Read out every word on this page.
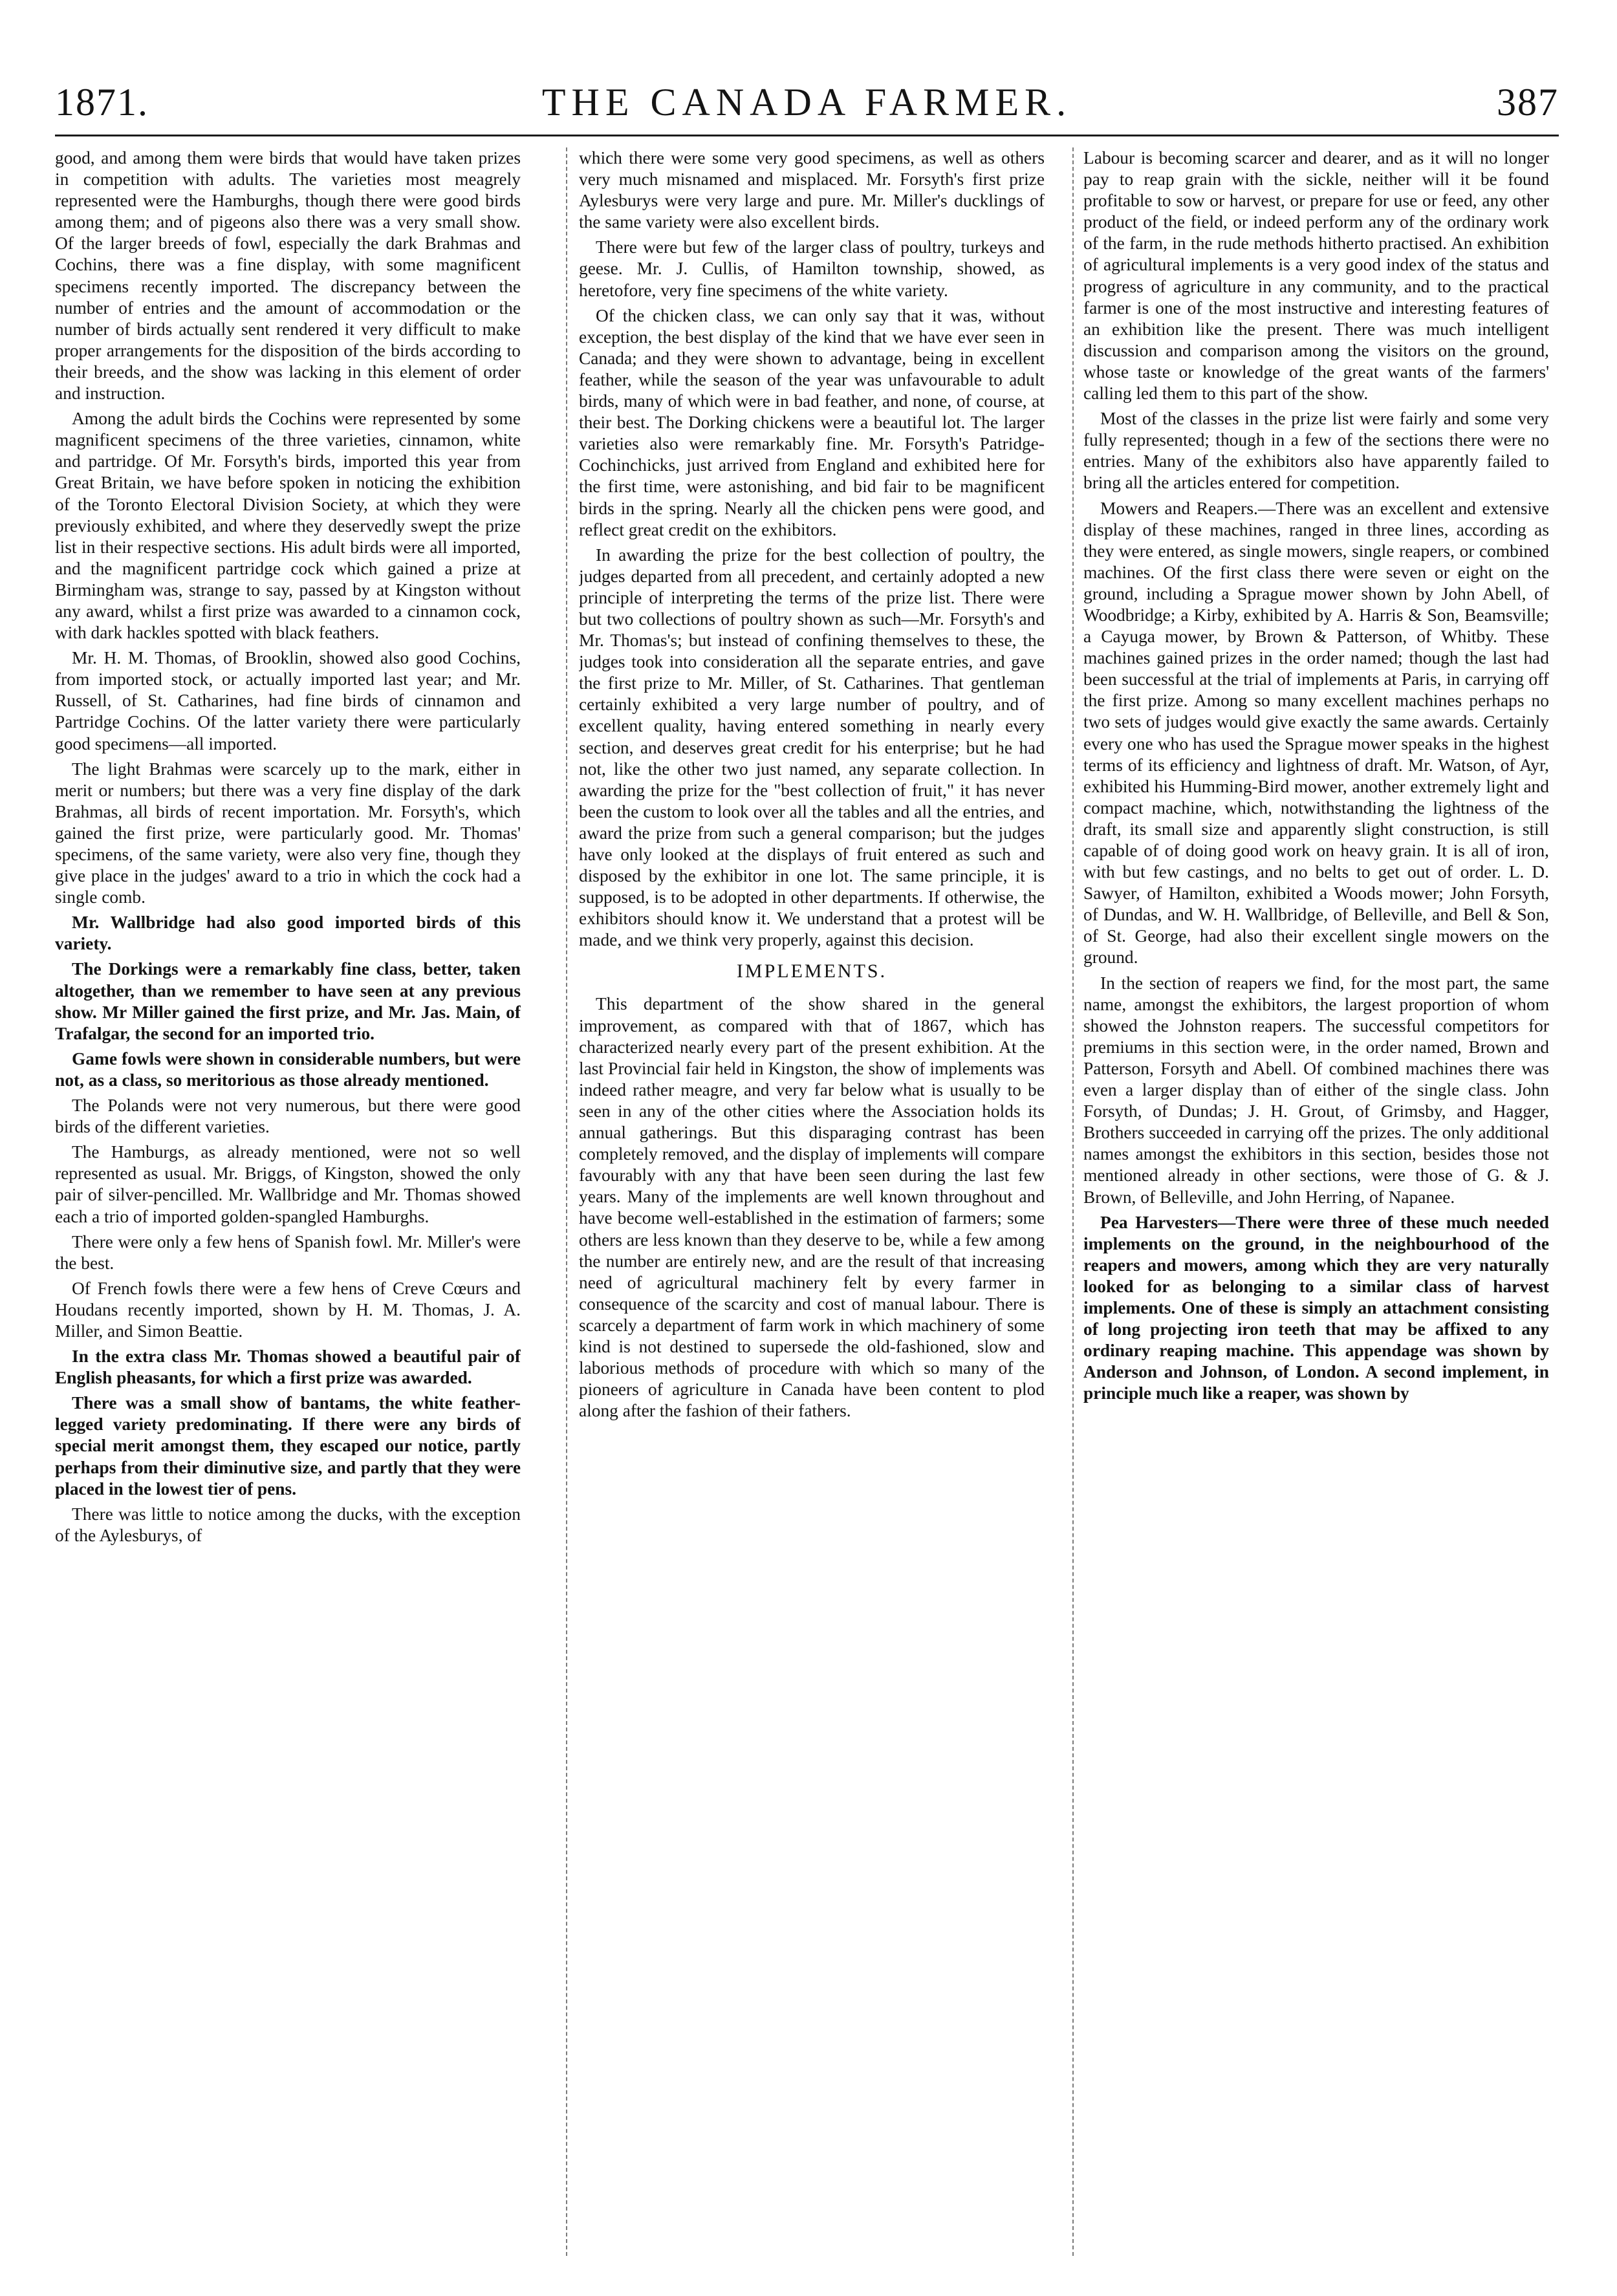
1871.	THE CANADA FARMER.	387

good, and among them were birds that would have taken prizes in competition with adults. The varieties most meagrely represented were the Hamburghs, though there were good birds among them; and of pigeons also there was a very small show. Of the larger breeds of fowl, especially the dark Brahmas and Cochins, there was a fine display, with some magnificent specimens recently imported. The discrepancy between the number of entries and the amount of accommodation or the number of birds actually sent rendered it very difficult to make proper arrangements for the disposition of the birds according to their breeds, and the show was lacking in this element of order and instruction.

Among the adult birds the Cochins were represented by some magnificent specimens of the three varieties, cinnamon, white and partridge. Of Mr. Forsyth's birds, imported this year from Great Britain, we have before spoken in noticing the exhibition of the Toronto Electoral Division Society, at which they were previously exhibited, and where they deservedly swept the prize list in their respective sections. His adult birds were all imported, and the magnificent partridge cock which gained a prize at Birmingham was, strange to say, passed by at Kingston without any award, whilst a first prize was awarded to a cinnamon cock, with dark hackles spotted with black feathers.

Mr. H. M. Thomas, of Brooklin, showed also good Cochins, from imported stock, or actually imported last year; and Mr. Russell, of St. Catharines, had fine birds of cinnamon and Partridge Cochins. Of the latter variety there were particularly good specimens—all imported.

The light Brahmas were scarcely up to the mark, either in merit or numbers; but there was a very fine display of the dark Brahmas, all birds of recent importation. Mr. Forsyth's, which gained the first prize, were particularly good. Mr. Thomas' specimens, of the same variety, were also very fine, though they give place in the judges' award to a trio in which the cock had a single comb.

Mr. Wallbridge had also good imported birds of this variety.

The Dorkings were a remarkably fine class, better, taken altogether, than we remember to have seen at any previous show. Mr Miller gained the first prize, and Mr. Jas. Main, of Trafalgar, the second for an imported trio.

Game fowls were shown in considerable numbers, but were not, as a class, so meritorious as those already mentioned.

The Polands were not very numerous, but there were good birds of the different varieties.

The Hamburgs, as already mentioned, were not so well represented as usual. Mr. Briggs, of Kingston, showed the only pair of silver-pencilled. Mr. Wallbridge and Mr. Thomas showed each a trio of imported golden-spangled Hamburghs.

There were only a few hens of Spanish fowl. Mr. Miller's were the best.

Of French fowls there were a few hens of Creve Cœurs and Houdans recently imported, shown by H. M. Thomas, J. A. Miller, and Simon Beattie.

In the extra class Mr. Thomas showed a beautiful pair of English pheasants, for which a first prize was awarded.

There was a small show of bantams, the white feather-legged variety predominating. If there were any birds of special merit amongst them, they escaped our notice, partly perhaps from their diminutive size, and partly that they were placed in the lowest tier of pens.

There was little to notice among the ducks, with the exception of the Aylesburys, of

which there were some very good specimens, as well as others very much misnamed and misplaced. Mr. Forsyth's first prize Aylesburys were very large and pure. Mr. Miller's ducklings of the same variety were also excellent birds.

There were but few of the larger class of poultry, turkeys and geese. Mr. J. Cullis, of Hamilton township, showed, as heretofore, very fine specimens of the white variety.

Of the chicken class, we can only say that it was, without exception, the best display of the kind that we have ever seen in Canada; and they were shown to advantage, being in excellent feather, while the season of the year was unfavourable to adult birds, many of which were in bad feather, and none, of course, at their best. The Dorking chickens were a beautiful lot. The larger varieties also were remarkably fine. Mr. Forsyth's Patridge-Cochinchicks, just arrived from England and exhibited here for the first time, were astonishing, and bid fair to be magnificent birds in the spring. Nearly all the chicken pens were good, and reflect great credit on the exhibitors.

In awarding the prize for the best collection of poultry, the judges departed from all precedent, and certainly adopted a new principle of interpreting the terms of the prize list. There were but two collections of poultry shown as such—Mr. Forsyth's and Mr. Thomas's; but instead of confining themselves to these, the judges took into consideration all the separate entries, and gave the first prize to Mr. Miller, of St. Catharines. That gentleman certainly exhibited a very large number of poultry, and of excellent quality, having entered something in nearly every section, and deserves great credit for his enterprise; but he had not, like the other two just named, any separate collection. In awarding the prize for the "best collection of fruit," it has never been the custom to look over all the tables and all the entries, and award the prize from such a general comparison; but the judges have only looked at the displays of fruit entered as such and disposed by the exhibitor in one lot. The same principle, it is supposed, is to be adopted in other departments. If otherwise, the exhibitors should know it. We understand that a protest will be made, and we think very properly, against this decision.

IMPLEMENTS.

This department of the show shared in the general improvement, as compared with that of 1867, which has characterized nearly every part of the present exhibition. At the last Provincial fair held in Kingston, the show of implements was indeed rather meagre, and very far below what is usually to be seen in any of the other cities where the Association holds its annual gatherings. But this disparaging contrast has been completely removed, and the display of implements will compare favourably with any that have been seen during the last few years. Many of the implements are well known throughout and have become well-established in the estimation of farmers; some others are less known than they deserve to be, while a few among the number are entirely new, and are the result of that increasing need of agricultural machinery felt by every farmer in consequence of the scarcity and cost of manual labour. There is scarcely a department of farm work in which machinery of some kind is not destined to supersede the old-fashioned, slow and laborious methods of procedure with which so many of the pioneers of agriculture in Canada have been content to plod along after the fashion of their fathers.

Labour is becoming scarcer and dearer, and as it will no longer pay to reap grain with the sickle, neither will it be found profitable to sow or harvest, or prepare for use or feed, any other product of the field, or indeed perform any of the ordinary work of the farm, in the rude methods hitherto practised. An exhibition of agricultural implements is a very good index of the status and progress of agriculture in any community, and to the practical farmer is one of the most instructive and interesting features of an exhibition like the present. There was much intelligent discussion and comparison among the visitors on the ground, whose taste or knowledge of the great wants of the farmers' calling led them to this part of the show.

Most of the classes in the prize list were fairly and some very fully represented; though in a few of the sections there were no entries. Many of the exhibitors also have apparently failed to bring all the articles entered for competition.

Mowers and Reapers.—There was an excellent and extensive display of these machines, ranged in three lines, according as they were entered, as single mowers, single reapers, or combined machines. Of the first class there were seven or eight on the ground, including a Sprague mower shown by John Abell, of Woodbridge; a Kirby, exhibited by A. Harris & Son, Beamsville; a Cayuga mower, by Brown & Patterson, of Whitby. These machines gained prizes in the order named; though the last had been successful at the trial of implements at Paris, in carrying off the first prize. Among so many excellent machines perhaps no two sets of judges would give exactly the same awards. Certainly every one who has used the Sprague mower speaks in the highest terms of its efficiency and lightness of draft. Mr. Watson, of Ayr, exhibited his Humming-Bird mower, another extremely light and compact machine, which, notwithstanding the lightness of the draft, its small size and apparently slight construction, is still capable of of doing good work on heavy grain. It is all of iron, with but few castings, and no belts to get out of order. L. D. Sawyer, of Hamilton, exhibited a Woods mower; John Forsyth, of Dundas, and W. H. Wallbridge, of Belleville, and Bell & Son, of St. George, had also their excellent single mowers on the ground.

In the section of reapers we find, for the most part, the same name, amongst the exhibitors, the largest proportion of whom showed the Johnston reapers. The successful competitors for premiums in this section were, in the order named, Brown and Patterson, Forsyth and Abell. Of combined machines there was even a larger display than of either of the single class. John Forsyth, of Dundas; J. H. Grout, of Grimsby, and Hagger, Brothers succeeded in carrying off the prizes. The only additional names amongst the exhibitors in this section, besides those not mentioned already in other sections, were those of G. & J. Brown, of Belleville, and John Herring, of Napanee.

Pea Harvesters—There were three of these much needed implements on the ground, in the neighbourhood of the reapers and mowers, among which they are very naturally looked for as belonging to a similar class of harvest implements. One of these is simply an attachment consisting of long projecting iron teeth that may be affixed to any ordinary reaping machine. This appendage was shown by Anderson and Johnson, of London. A second implement, in principle much like a reaper, was shown by
